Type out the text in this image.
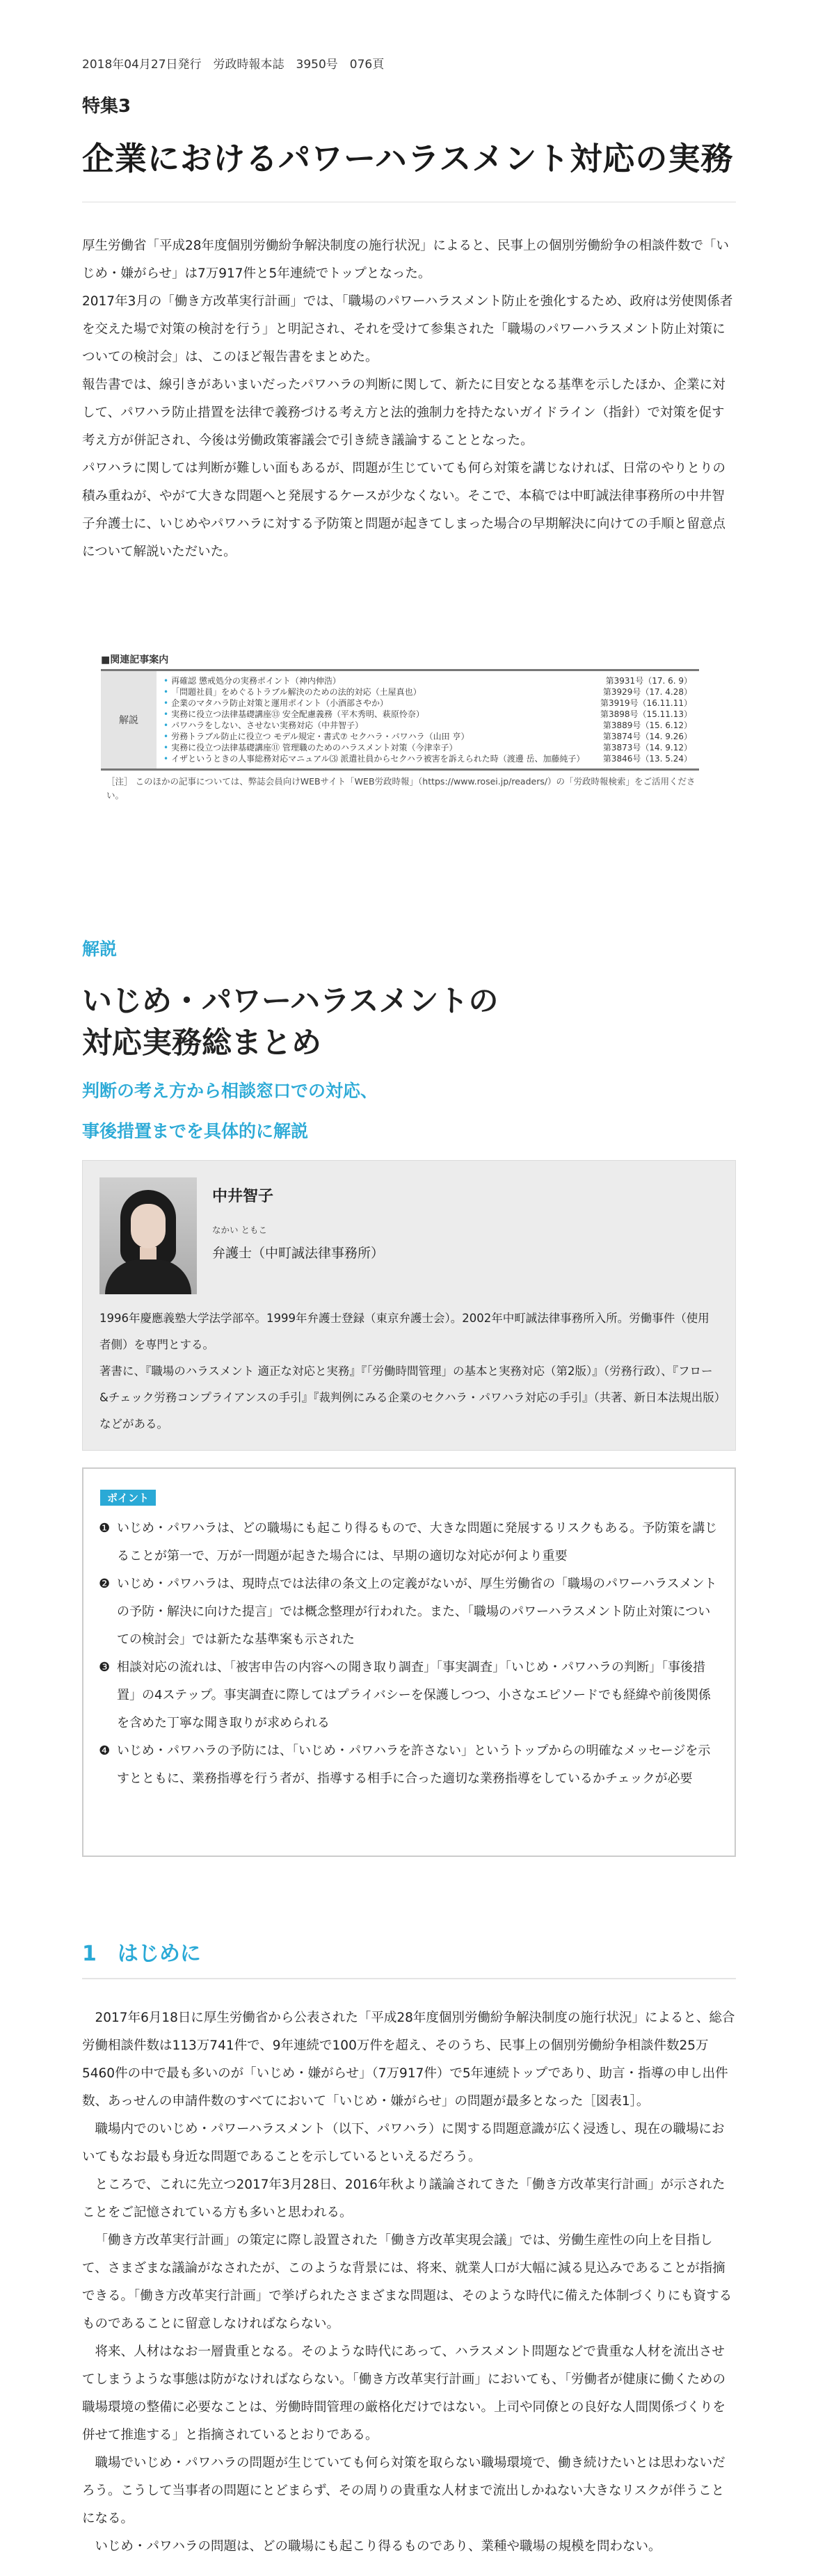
2018年04月27日発行　労政時報本誌　3950号　076頁
特集3
企業におけるパワーハラスメント対応の実務

厚生労働省「平成28年度個別労働紛争解決制度の施行状況」によると、民事上の個別労働紛争の相談件数で「いじめ・嫌がらせ」は7万917件と5年連続でトップとなった。

2017年3月の「働き方改革実行計画」では、「職場のパワーハラスメント防止を強化するため、政府は労使関係者を交えた場で対策の検討を行う」と明記され、それを受けて参集された「職場のパワーハラスメント防止対策についての検討会」は、このほど報告書をまとめた。

報告書では、線引きがあいまいだったパワハラの判断に関して、新たに目安となる基準を示したほか、企業に対して、パワハラ防止措置を法律で義務づける考え方と法的強制力を持たないガイドライン（指針）で対策を促す考え方が併記され、今後は労働政策審議会で引き続き議論することとなった。

パワハラに関しては判断が難しい面もあるが、問題が生じていても何ら対策を講じなければ、日常のやりとりの積み重ねが、やがて大きな問題へと発展するケースが少なくない。そこで、本稿では中町誠法律事務所の中井智子弁護士に、いじめやパワハラに対する予防策と問題が起きてしまった場合の早期解決に向けての手順と留意点について解説いただいた。

■関連記事案内
解説
• 再確認 懲戒処分の実務ポイント（神内伸浩）	第3931号（17. 6. 9）
• 「問題社員」をめぐるトラブル解決のための法的対応（土屋真也）	第3929号（17. 4.28）
• 企業のマタハラ防止対策と運用ポイント（小酒部さやか）	第3919号（16.11.11）
• 実務に役立つ法律基礎講座⑬ 安全配慮義務（平木秀明、萩原怜奈）	第3898号（15.11.13）
• パワハラをしない、させない実務対応（中井智子）	第3889号（15. 6.12）
• 労務トラブル防止に役立つ モデル規定・書式⑦ セクハラ・パワハラ（山田 亨）	第3874号（14. 9.26）
• 実務に役立つ法律基礎講座⑪ 管理職のためのハラスメント対策（今津幸子）	第3873号（14. 9.12）
• イザというときの人事総務対応マニュアル⑶ 派遣社員からセクハラ被害を訴えられた時（渡邊 岳、加藤純子） 第3846号（13. 5.24）
［注］ このほかの記事については、弊誌会員向けWEBサイト「WEB労政時報」（https://www.rosei.jp/readers/）の「労政時報検索」をご活用ください。
解説
いじめ・パワーハラスメントの
対応実務総まとめ
判断の考え方から相談窓口での対応、
事後措置までを具体的に解説
中井智子
なかい ともこ
弁護士（中町誠法律事務所）
1996年慶應義塾大学法学部卒。1999年弁護士登録（東京弁護士会）。2002年中町誠法律事務所入所。労働事件（使用者側）を専門とする。
著書に、『職場のハラスメント 適正な対応と実務』『「労働時間管理」の基本と実務対応（第2版）』（労務行政）、『フロー&チェック労務コンプライアンスの手引』『裁判例にみる企業のセクハラ・パワハラ対応の手引』（共著、新日本法規出版）などがある。
ポイント
❶ いじめ・パワハラは、どの職場にも起こり得るもので、大きな問題に発展するリスクもある。予防策を講じることが第一で、万が一問題が起きた場合には、早期の適切な対応が何より重要
❷ いじめ・パワハラは、現時点では法律の条文上の定義がないが、厚生労働省の「職場のパワーハラスメントの予防・解決に向けた提言」では概念整理が行われた。また、「職場のパワーハラスメント防止対策についての検討会」では新たな基準案も示された
❸ 相談対応の流れは、「被害申告の内容への聞き取り調査」「事実調査」「いじめ・パワハラの判断」「事後措置」の4ステップ。事実調査に際してはプライバシーを保護しつつ、小さなエピソードでも経緯や前後関係を含めた丁寧な聞き取りが求められる
❹ いじめ・パワハラの予防には、「いじめ・パワハラを許さない」というトップからの明確なメッセージを示すとともに、業務指導を行う者が、指導する相手に合った適切な業務指導をしているかチェックが必要
1　はじめに

2017年6月18日に厚生労働省から公表された「平成28年度個別労働紛争解決制度の施行状況」によると、総合労働相談件数は113万741件で、9年連続で100万件を超え、そのうち、民事上の個別労働紛争相談件数25万5460件の中で最も多いのが「いじめ・嫌がらせ」（7万917件）で5年連続トップであり、助言・指導の申し出件数、あっせんの申請件数のすべてにおいて「いじめ・嫌がらせ」の問題が最多となった［図表1］。

職場内でのいじめ・パワーハラスメント（以下、パワハラ）に関する問題意識が広く浸透し、現在の職場においてもなお最も身近な問題であることを示しているといえるだろう。

ところで、これに先立つ2017年3月28日、2016年秋より議論されてきた「働き方改革実行計画」が示されたことをご記憶されている方も多いと思われる。

「働き方改革実行計画」の策定に際し設置された「働き方改革実現会議」では、労働生産性の向上を目指して、さまざまな議論がなされたが、このような背景には、将来、就業人口が大幅に減る見込みであることが指摘できる。「働き方改革実行計画」で挙げられたさまざまな問題は、そのような時代に備えた体制づくりにも資するものであることに留意しなければならない。

将来、人材はなお一層貴重となる。そのような時代にあって、ハラスメント問題などで貴重な人材を流出させてしまうような事態は防がなければならない。「働き方改革実行計画」においても、「労働者が健康に働くための職場環境の整備に必要なことは、労働時間管理の厳格化だけではない。上司や同僚との良好な人間関係づくりを併せて推進する」と指摘されているとおりである。

職場でいじめ・パワハラの問題が生じていても何ら対策を取らない職場環境で、働き続けたいとは思わないだろう。こうして当事者の問題にとどまらず、その周りの貴重な人材まで流出しかねない大きなリスクが伴うことになる。

いじめ・パワハラの問題は、どの職場にも起こり得るものであり、業種や職場の規模を問わない。
